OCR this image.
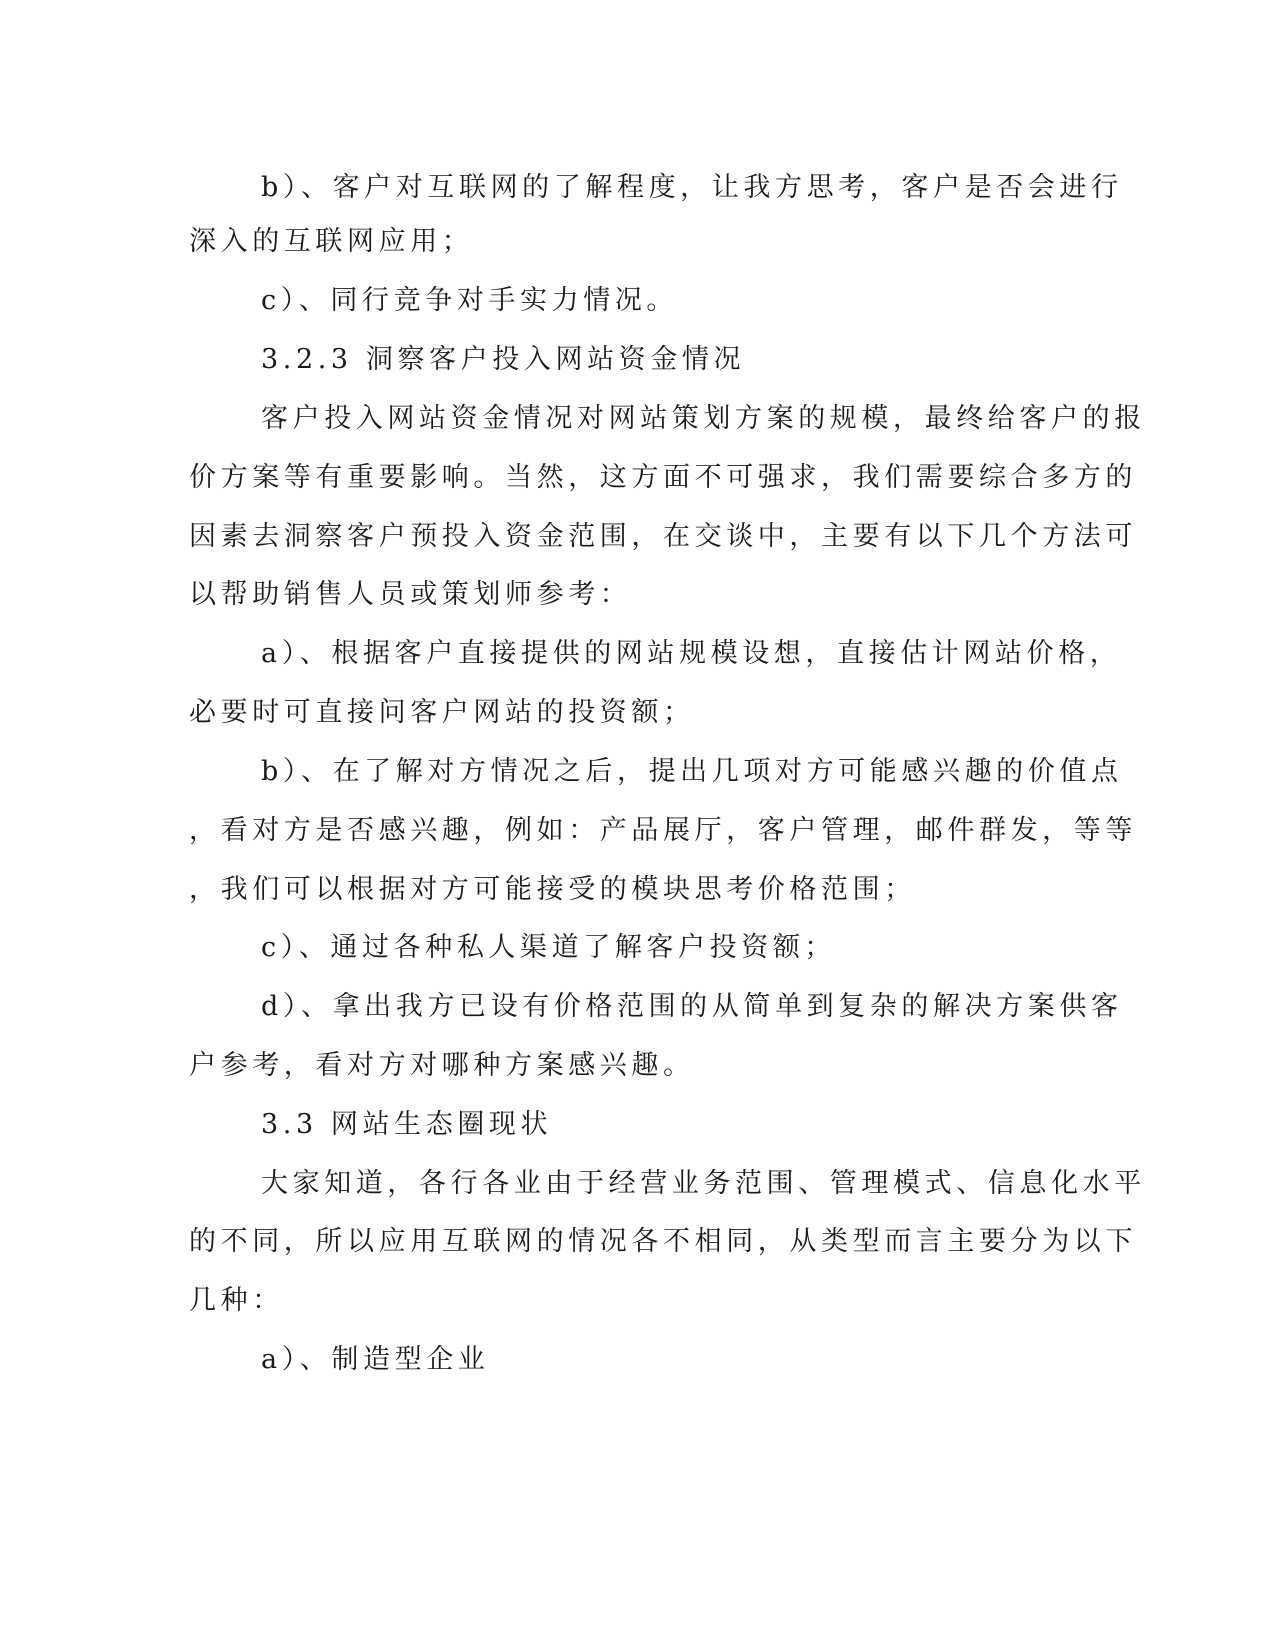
b）、客户对互联网的了解程度，让我方思考，客户是否会进行

深入的互联网应用；

c）、同行竞争对手实力情况。

3.2.3 洞察客户投入网站资金情况

客户投入网站资金情况对网站策划方案的规模，最终给客户的报

价方案等有重要影响。当然，这方面不可强求，我们需要综合多方的

因素去洞察客户预投入资金范围，在交谈中，主要有以下几个方法可

以帮助销售人员或策划师参考：

a）、根据客户直接提供的网站规模设想，直接估计网站价格，

必要时可直接问客户网站的投资额；

b）、在了解对方情况之后，提出几项对方可能感兴趣的价值点

，看对方是否感兴趣，例如：产品展厅，客户管理，邮件群发，等等

，我们可以根据对方可能接受的模块思考价格范围；

c）、通过各种私人渠道了解客户投资额；

d）、拿出我方已设有价格范围的从简单到复杂的解决方案供客

户参考，看对方对哪种方案感兴趣。

3.3 网站生态圈现状

大家知道，各行各业由于经营业务范围、管理模式、信息化水平

的不同，所以应用互联网的情况各不相同，从类型而言主要分为以下

几种：

a）、制造型企业
